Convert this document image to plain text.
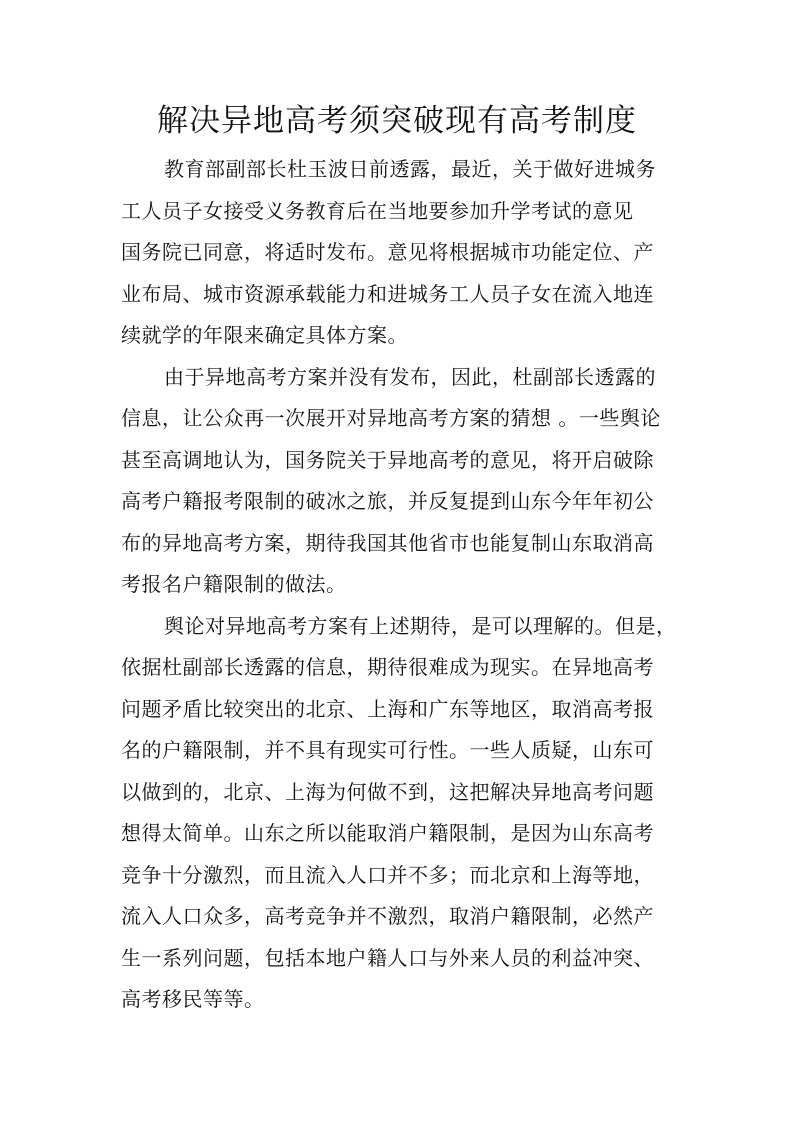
解决异地高考须突破现有高考制度

教育部副部长杜玉波日前透露，最近，关于做好进城务
工人员子女接受义务教育后在当地要参加升学考试的意见
国务院已同意，将适时发布。意见将根据城市功能定位、产
业布局、城市资源承载能力和进城务工人员子女在流入地连
续就学的年限来确定具体方案。

由于异地高考方案并没有发布，因此，杜副部长透露的
信息，让公众再一次展开对异地高考方案的猜想 。一些舆论
甚至高调地认为，国务院关于异地高考的意见，将开启破除
高考户籍报考限制的破冰之旅，并反复提到山东今年年初公
布的异地高考方案，期待我国其他省市也能复制山东取消高
考报名户籍限制的做法。

舆论对异地高考方案有上述期待，是可以理解的。但是，
依据杜副部长透露的信息，期待很难成为现实。在异地高考
问题矛盾比较突出的北京、上海和广东等地区，取消高考报
名的户籍限制，并不具有现实可行性。一些人质疑，山东可
以做到的，北京、上海为何做不到，这把解决异地高考问题
想得太简单。山东之所以能取消户籍限制，是因为山东高考
竞争十分激烈，而且流入人口并不多；而北京和上海等地，
流入人口众多，高考竞争并不激烈，取消户籍限制，必然产
生一系列问题，包括本地户籍人口与外来人员的利益冲突、
高考移民等等。
